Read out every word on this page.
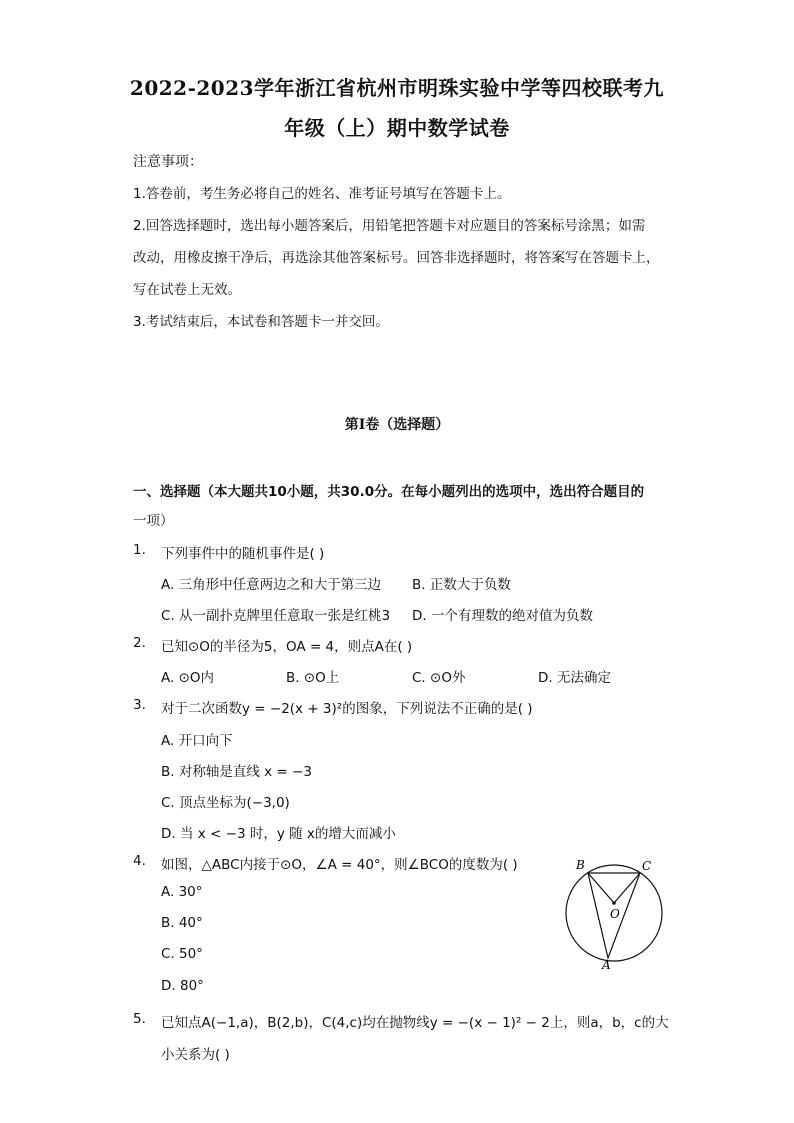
2022-2023学年浙江省杭州市明珠实验中学等四校联考九
年级（上）期中数学试卷
注意事项：
1.答卷前，考生务必将自己的姓名、准考证号填写在答题卡上。
2.回答选择题时，选出每小题答案后，用铅笔把答题卡对应题目的答案标号涂黑；如需
改动，用橡皮擦干净后，再选涂其他答案标号。回答非选择题时，将答案写在答题卡上，
写在试卷上无效。
3.考试结束后，本试卷和答题卡一并交回。
第I卷（选择题）
一、选择题（本大题共10小题，共30.0分。在每小题列出的选项中，选出符合题目的
一项）
1. 下列事件中的随机事件是( )
A. 三角形中任意两边之和大于第三边 B. 正数大于负数
C. 从一副扑克牌里任意取一张是红桃3 D. 一个有理数的绝对值为负数
2. 已知⊙O的半径为5，OA = 4，则点A在( )
A. ⊙O内	B. ⊙O上	C. ⊙O外	D. 无法确定
3. 对于二次函数y = −2(x + 3)²的图象，下列说法不正确的是( )
A. 开口向下
B. 对称轴是直线 x = −3
C. 顶点坐标为(−3,0)
D. 当 x < −3 时，y 随 x的增大而减小
4. 如图，△ABC内接于⊙O，∠A = 40°，则∠BCO的度数为( )
A. 30°
B. 40°
C. 50°
D. 80°
B	C
O
A
5. 已知点A(−1,a)，B(2,b)，C(4,c)均在抛物线y = −(x − 1)² − 2上，则a，b，c的大
小关系为( )
